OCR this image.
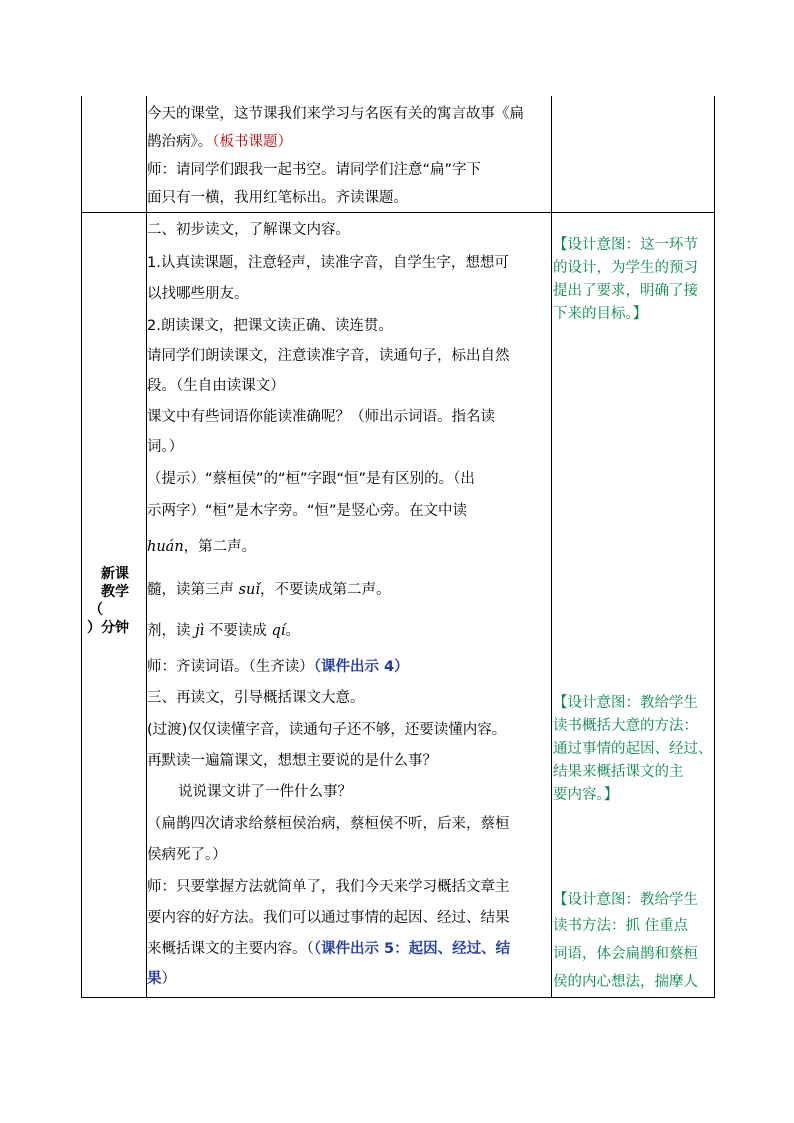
今天的课堂，这节课我们来学习与名医有关的寓言故事《扁
鹊治病》。（板书课题）
师：请同学们跟我一起书空。请同学们注意“扁”字下
面只有一横，我用红笔标出。齐读课题。
新课
教学
（
）分钟
二、初步读文，了解课文内容。
1.认真读课题，注意轻声，读准字音，自学生字，想想可
以找哪些朋友。
2.朗读课文，把课文读正确、读连贯。
请同学们朗读课文，注意读准字音，读通句子，标出自然
段。（生自由读课文）
课文中有些词语你能读准确呢？（师出示词语。指名读
词。）
（提示）“蔡桓侯”的“桓”字跟“恒”是有区别的。（出
示两字）“桓”是木字旁。“恒”是竖心旁。在文中读
huán，第二声。
髓，读第三声 suǐ，不要读成第二声。
剂，读 jì 不要读成 qí。
师：齐读词语。（生齐读）（课件出示 4）
三、再读文，引导概括课文大意。
(过渡)仅仅读懂字音，读通句子还不够，还要读懂内容。
再默读一遍篇课文，想想主要说的是什么事？
说说课文讲了一件什么事？
（扁鹊四次请求给蔡桓侯治病，蔡桓侯不听，后来，蔡桓
侯病死了。）
师：只要掌握方法就简单了，我们今天来学习概括文章主
要内容的好方法。我们可以通过事情的起因、经过、结果
来概括课文的主要内容。（（课件出示 5：起因、经过、结
果）
【设计意图：这一环节
的设计，为学生的预习
提出了要求，明确了接
下来的目标。】
【设计意图：教给学生
读书概括大意的方法：
通过事情的起因、经过、
结果来概括课文的主
要内容。】
【设计意图：教给学生
读书方法：抓 住重点
词语，体会扁鹊和蔡桓
侯的内心想法，揣摩人
